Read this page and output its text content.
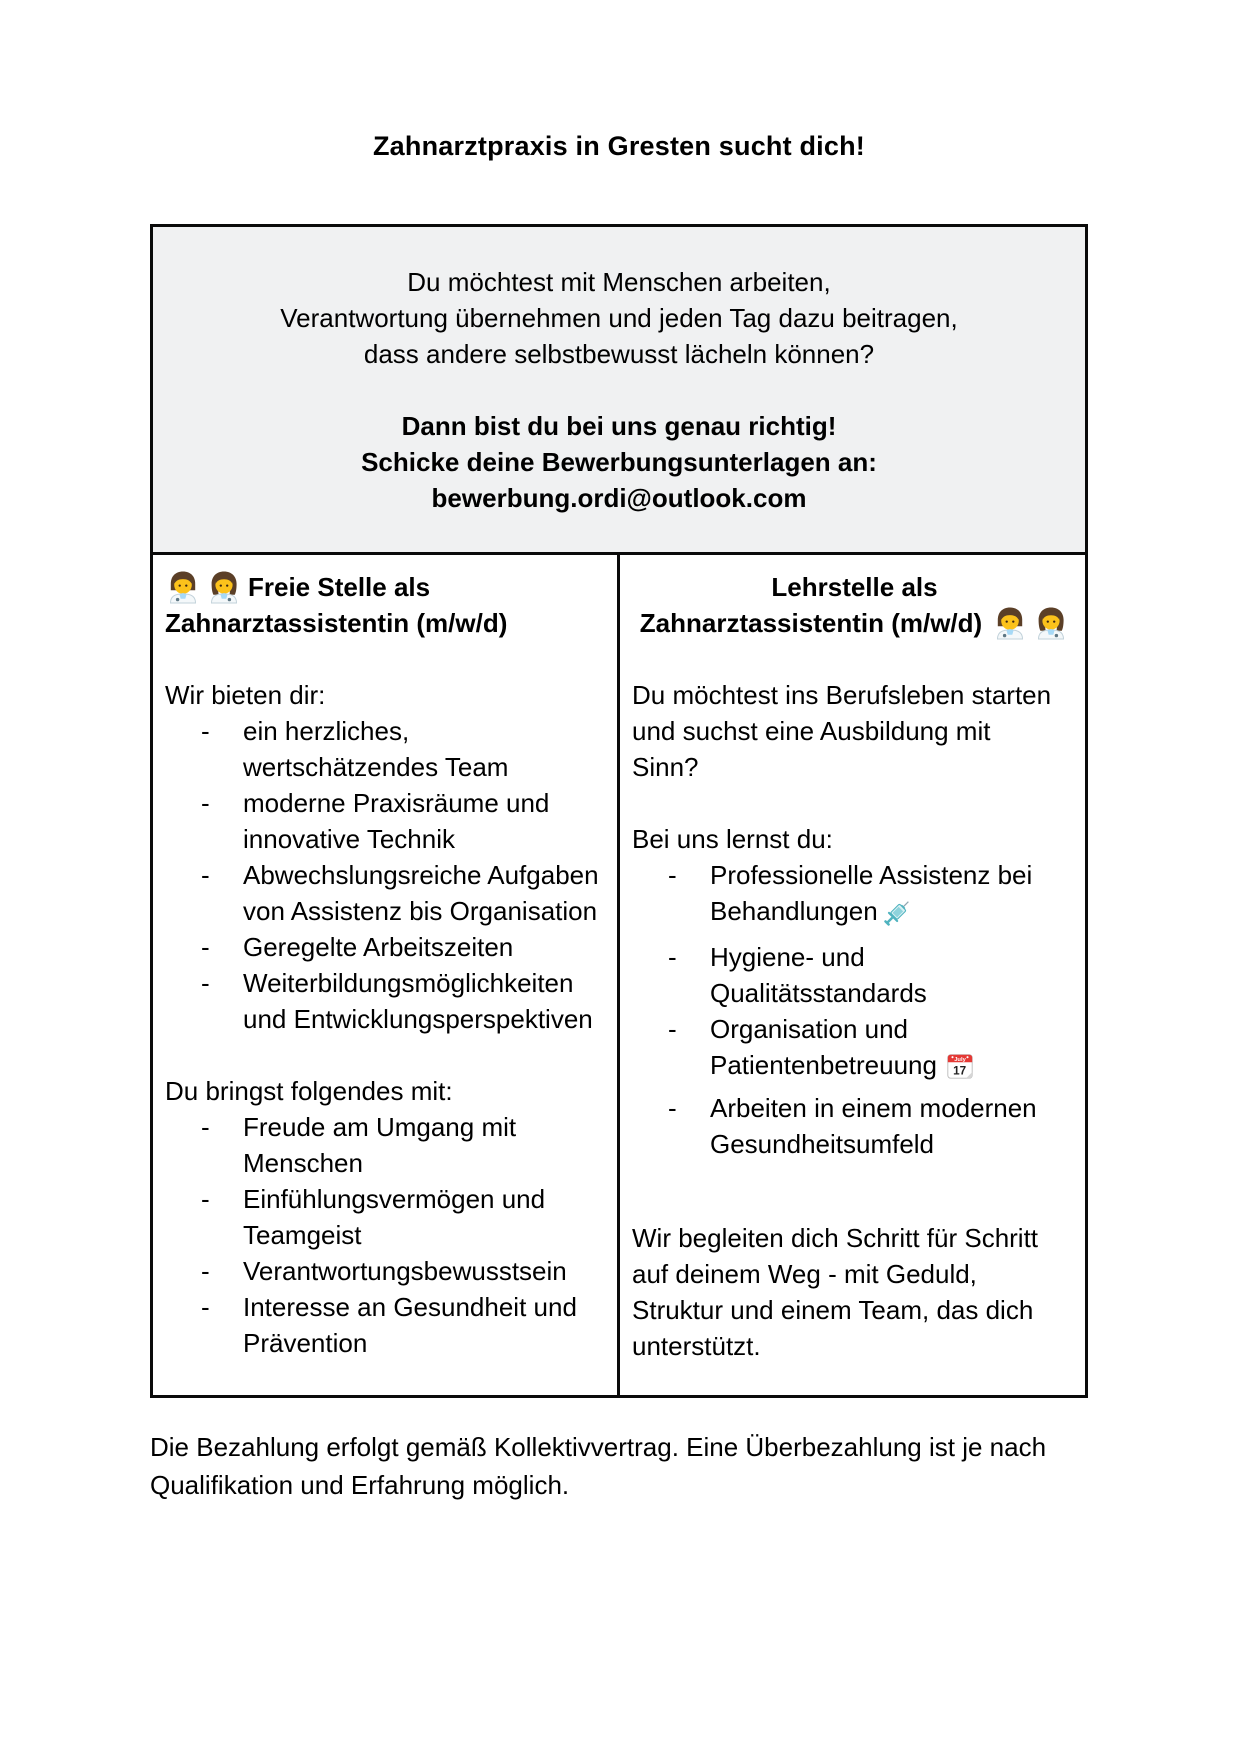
Zahnarztpraxis in Gresten sucht dich!
Du möchtest mit Menschen arbeiten,
Verantwortung übernehmen und jeden Tag dazu beitragen,
dass andere selbstbewusst lächeln können?
Dann bist du bei uns genau richtig!
Schicke deine Bewerbungsunterlagen an:
bewerbung.ordi@outlook.com
Freie Stelle als
Zahnarztassistentin (m/w/d)
Wir bieten dir:
-	ein herzliches, wertschätzendes Team
-	moderne Praxisräume und innovative Technik
-	Abwechslungsreiche Aufgaben von Assistenz bis Organisation
-	Geregelte Arbeitszeiten
-	Weiterbildungsmöglichkeiten und Entwicklungsperspektiven
Du bringst folgendes mit:
-	Freude am Umgang mit Menschen
-	Einfühlungsvermögen und Teamgeist
-	Verantwortungsbewusstsein
-	Interesse an Gesundheit und Prävention
Lehrstelle als
Zahnarztassistentin (m/w/d)
Du möchtest ins Berufsleben starten und suchst eine Ausbildung mit Sinn?
Bei uns lernst du:
-	Professionelle Assistenz bei Behandlungen
-	Hygiene- und Qualitätsstandards
-	Organisation und Patientenbetreuung	July
17
-	Arbeiten in einem modernen Gesundheitsumfeld
Wir begleiten dich Schritt für Schritt auf deinem Weg - mit Geduld, Struktur und einem Team, das dich unterstützt.

Die Bezahlung erfolgt gemäß Kollektivvertrag. Eine Überbezahlung ist je nach Qualifikation und Erfahrung möglich.
